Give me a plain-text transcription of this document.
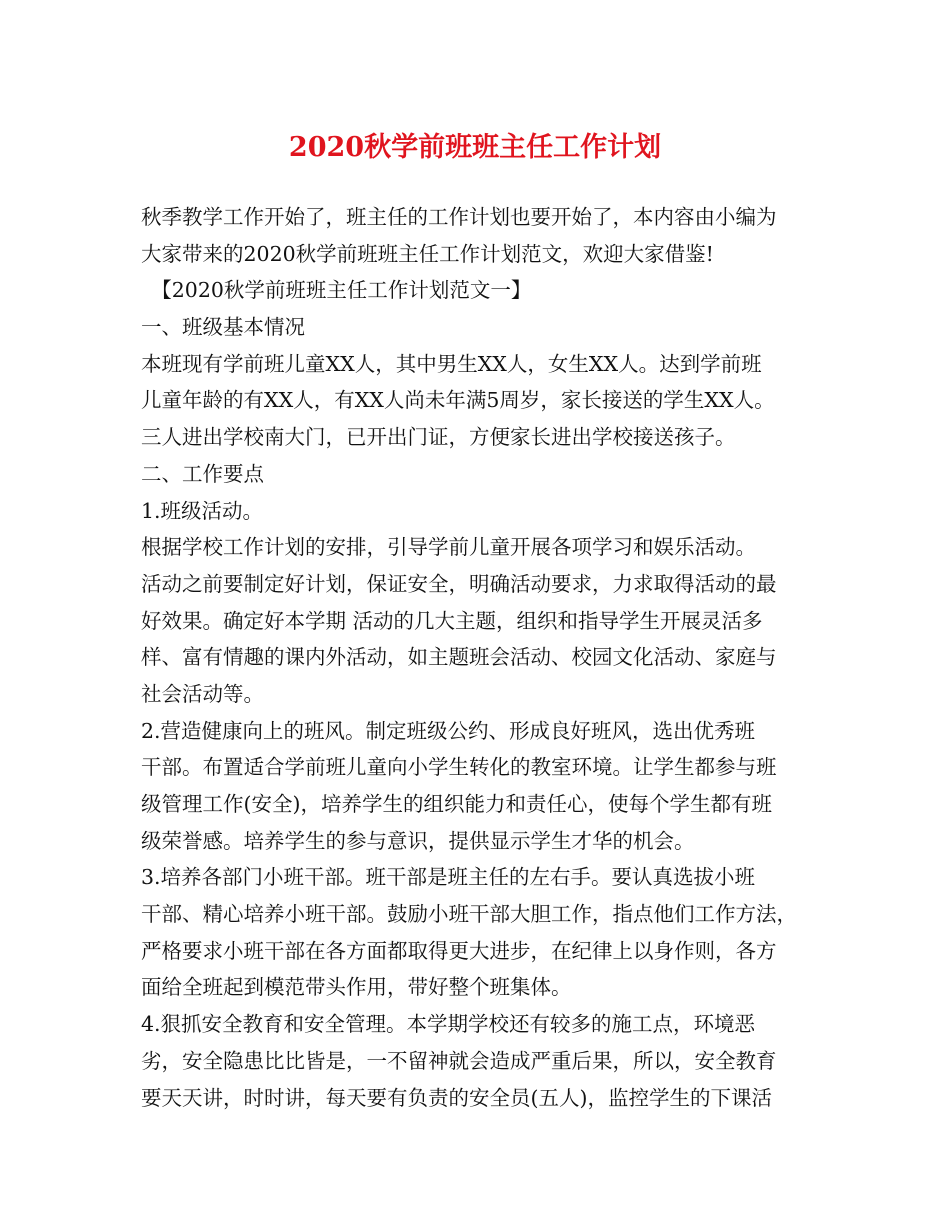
2020秋学前班班主任工作计划
秋季教学工作开始了，班主任的工作计划也要开始了，本内容由小编为
大家带来的2020秋学前班班主任工作计划范文，欢迎大家借鉴!
　【2020秋学前班班主任工作计划范文一】
一、班级基本情况
本班现有学前班儿童XX人，其中男生XX人，女生XX人。达到学前班
儿童年龄的有XX人，有XX人尚未年满5周岁，家长接送的学生XX人。
三人进出学校南大门，已开出门证，方便家长进出学校接送孩子。
二、工作要点
1.班级活动。
根据学校工作计划的安排，引导学前儿童开展各项学习和娱乐活动。
活动之前要制定好计划，保证安全，明确活动要求，力求取得活动的最
好效果。确定好本学期 活动的几大主题，组织和指导学生开展灵活多
样、富有情趣的课内外活动，如主题班会活动、校园文化活动、家庭与
社会活动等。
2.营造健康向上的班风。制定班级公约、形成良好班风，选出优秀班
干部。布置适合学前班儿童向小学生转化的教室环境。让学生都参与班
级管理工作(安全)，培养学生的组织能力和责任心，使每个学生都有班
级荣誉感。培养学生的参与意识，提供显示学生才华的机会。
3.培养各部门小班干部。班干部是班主任的左右手。要认真选拔小班
干部、精心培养小班干部。鼓励小班干部大胆工作，指点他们工作方法，
严格要求小班干部在各方面都取得更大进步，在纪律上以身作则，各方
面给全班起到模范带头作用，带好整个班集体。
4.狠抓安全教育和安全管理。本学期学校还有较多的施工点，环境恶
劣，安全隐患比比皆是，一不留神就会造成严重后果，所以，安全教育
要天天讲，时时讲，每天要有负责的安全员(五人)，监控学生的下课活
